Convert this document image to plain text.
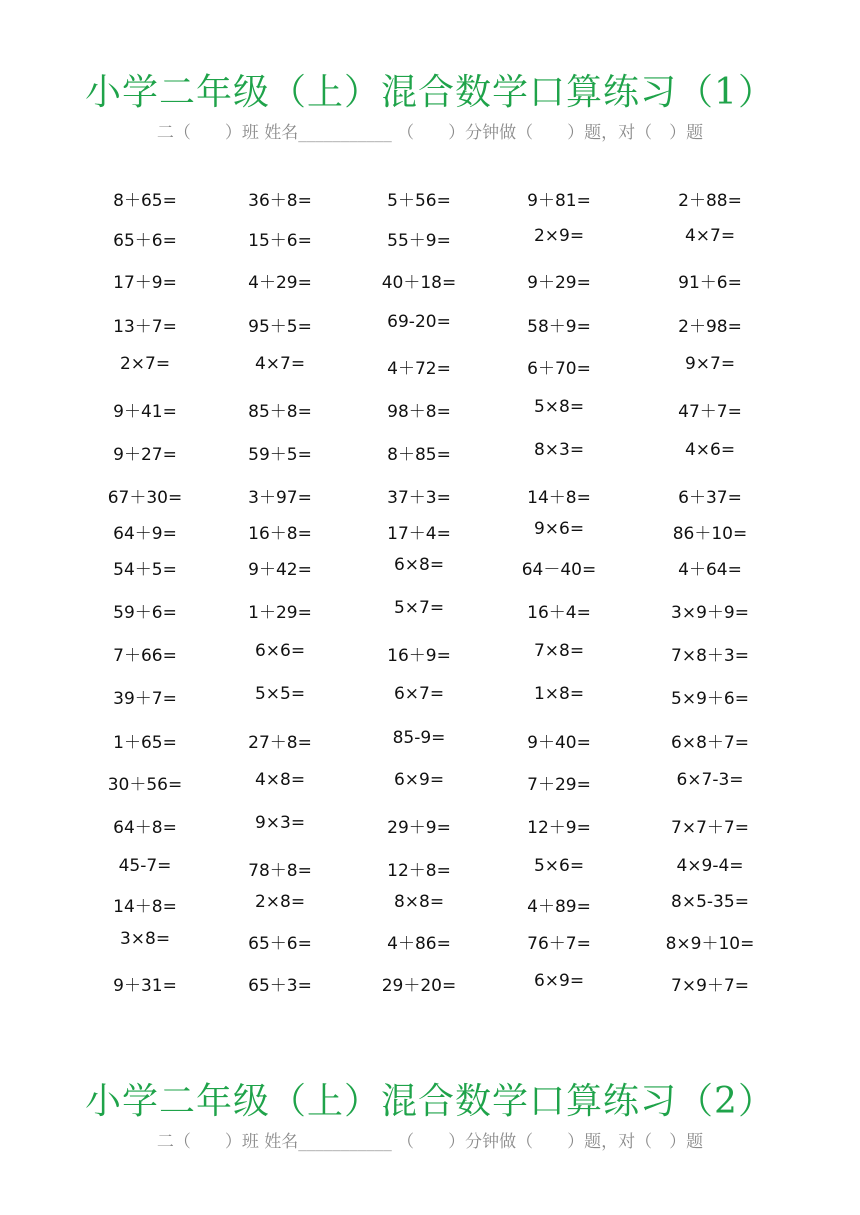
小学二年级（上）混合数学口算练习（1）
二（　　）班 姓名___________ （　　）分钟做（　　）题，对（　）题
8＋65=	36＋8=	5＋56=	9＋81=	2＋88=
65＋6=	15＋6=	55＋9=	2×9=	4×7=
17＋9=	4＋29=	40＋18=	9＋29=	91＋6=
13＋7=	95＋5=	69-20=	58＋9=	2＋98=
2×7=	4×7=	4＋72=	6＋70=	9×7=
9＋41=	85＋8=	98＋8=	5×8=	47＋7=
9＋27=	59＋5=	8＋85=	8×3=	4×6=
67＋30=	3＋97=	37＋3=	14＋8=	6＋37=
64＋9=	16＋8=	17＋4=	9×6=	86＋10=
54＋5=	9＋42=	6×8=	64－40=	4＋64=
59＋6=	1＋29=	5×7=	16＋4=	3×9＋9=
7＋66=	6×6=	16＋9=	7×8=	7×8＋3=
39＋7=	5×5=	6×7=	1×8=	5×9＋6=
1＋65=	27＋8=	85-9=	9＋40=	6×8＋7=
30＋56=	4×8=	6×9=	7＋29=	6×7-3=
64＋8=	9×3=	29＋9=	12＋9=	7×7＋7=
45-7=	78＋8=	12＋8=	5×6=	4×9-4=
14＋8=	2×8=	8×8=	4＋89=	8×5-35=
3×8=	65＋6=	4＋86=	76＋7=	8×9＋10=
9＋31=	65＋3=	29＋20=	6×9=	7×9＋7=
小学二年级（上）混合数学口算练习（2）
二（　　）班 姓名___________ （　　）分钟做（　　）题，对（　）题
